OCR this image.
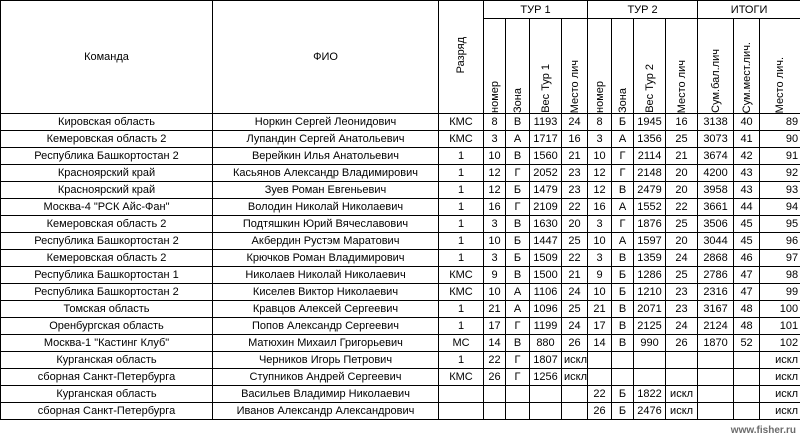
Команда	ФИО	Разряд	ТУР 1				ТУР 2				ИТОГИ		

			номер	Зона	Вес Тур 1	Место лич	номер	Зона	Вес Тур 2	Место лич	Сум.бал.лич	Сум.мест.лич.	Место лич.

Кировская область	Норкин Сергей Леонидович	КМС	8	В	1193	24	8	Б	1945	16	3138	40	89
Кемеровская область 2	Лупандин Сергей Анатольевич	КМС	3	А	1717	16	3	А	1356	25	3073	41	90
Республика Башкортостан 2	Верейкин Илья Анатольевич	1	10	В	1560	21	10	Г	2114	21	3674	42	91
Красноярский край	Касьянов Александр Владимирович	1	12	Г	2052	23	12	Г	2148	20	4200	43	92
Красноярский край	Зуев Роман Евгеньевич	1	12	Б	1479	23	12	В	2479	20	3958	43	93
Москва-4 "РСК Айс-Фан"	Володин Николай Николаевич	1	16	Г	2109	22	16	А	1552	22	3661	44	94
Кемеровская область 2	Подтяшкин Юрий Вячеславович	1	3	В	1630	20	3	Г	1876	25	3506	45	95
Республика Башкортостан 2	Акбердин Рустэм Маратович	1	10	Б	1447	25	10	А	1597	20	3044	45	96
Кемеровская область 2	Крючков Роман Владимирович	1	3	Б	1509	22	3	В	1359	24	2868	46	97
Республика Башкортостан 1	Николаев Николай Николаевич	КМС	9	В	1500	21	9	Б	1286	25	2786	47	98
Республика Башкортостан 2	Киселев Виктор Николаевич	КМС	10	А	1106	24	10	Б	1210	23	2316	47	99
Томская область	Кравцов Алексей Сергеевич	1	21	А	1096	25	21	В	2071	23	3167	48	100
Оренбургская область	Попов Александр Сергеевич	1	17	Г	1199	24	17	В	2125	24	2124	48	101
Москва-1 "Кастинг Клуб"	Матюхин Михаил Григорьевич	МС	14	В	880	26	14	В	990	26	1870	52	102
Курганская область	Черников Игорь Петрович	1	22	Г	1807	искл							искл
сборная Санкт-Петербурга	Ступников Андрей Сергеевич	КМС	26	Г	1256	искл							искл
Курганская область	Васильев Владимир Николаевич						22	Б	1822	искл			искл
сборная Санкт-Петербурга	Иванов Александр Александрович						26	Б	2476	искл			искл
www.fisher.ru
